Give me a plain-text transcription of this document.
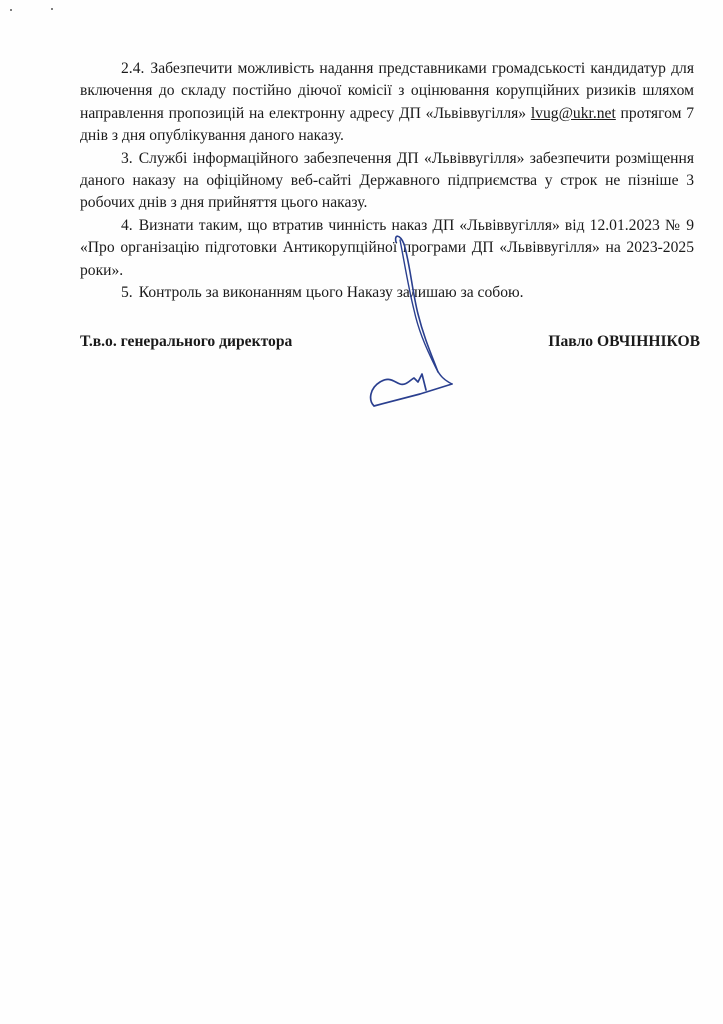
2.4. Забезпечити можливість надання представниками громадськості кандидатур для включення до складу постійно діючої комісії з оцінювання корупційних ризиків шляхом направлення пропозицій на електронну адресу ДП «Львіввугілля» lvug@ukr.net протягом 7 днів з дня опублікування даного наказу.

3. Службі інформаційного забезпечення ДП «Львіввугілля» забезпечити розміщення даного наказу на офіційному веб-сайті Державного підприємства у строк не пізніше 3 робочих днів з дня прийняття цього наказу.

4. Визнати таким, що втратив чинність наказ ДП «Львіввугілля» від 12.01.2023 № 9 «Про організацію підготовки Антикорупційної програми ДП «Львіввугілля» на 2023-2025 роки».

5. Контроль за виконанням цього Наказу залишаю за собою.

Т.в.о. генерального директора	Павло ОВЧІННІКОВ
